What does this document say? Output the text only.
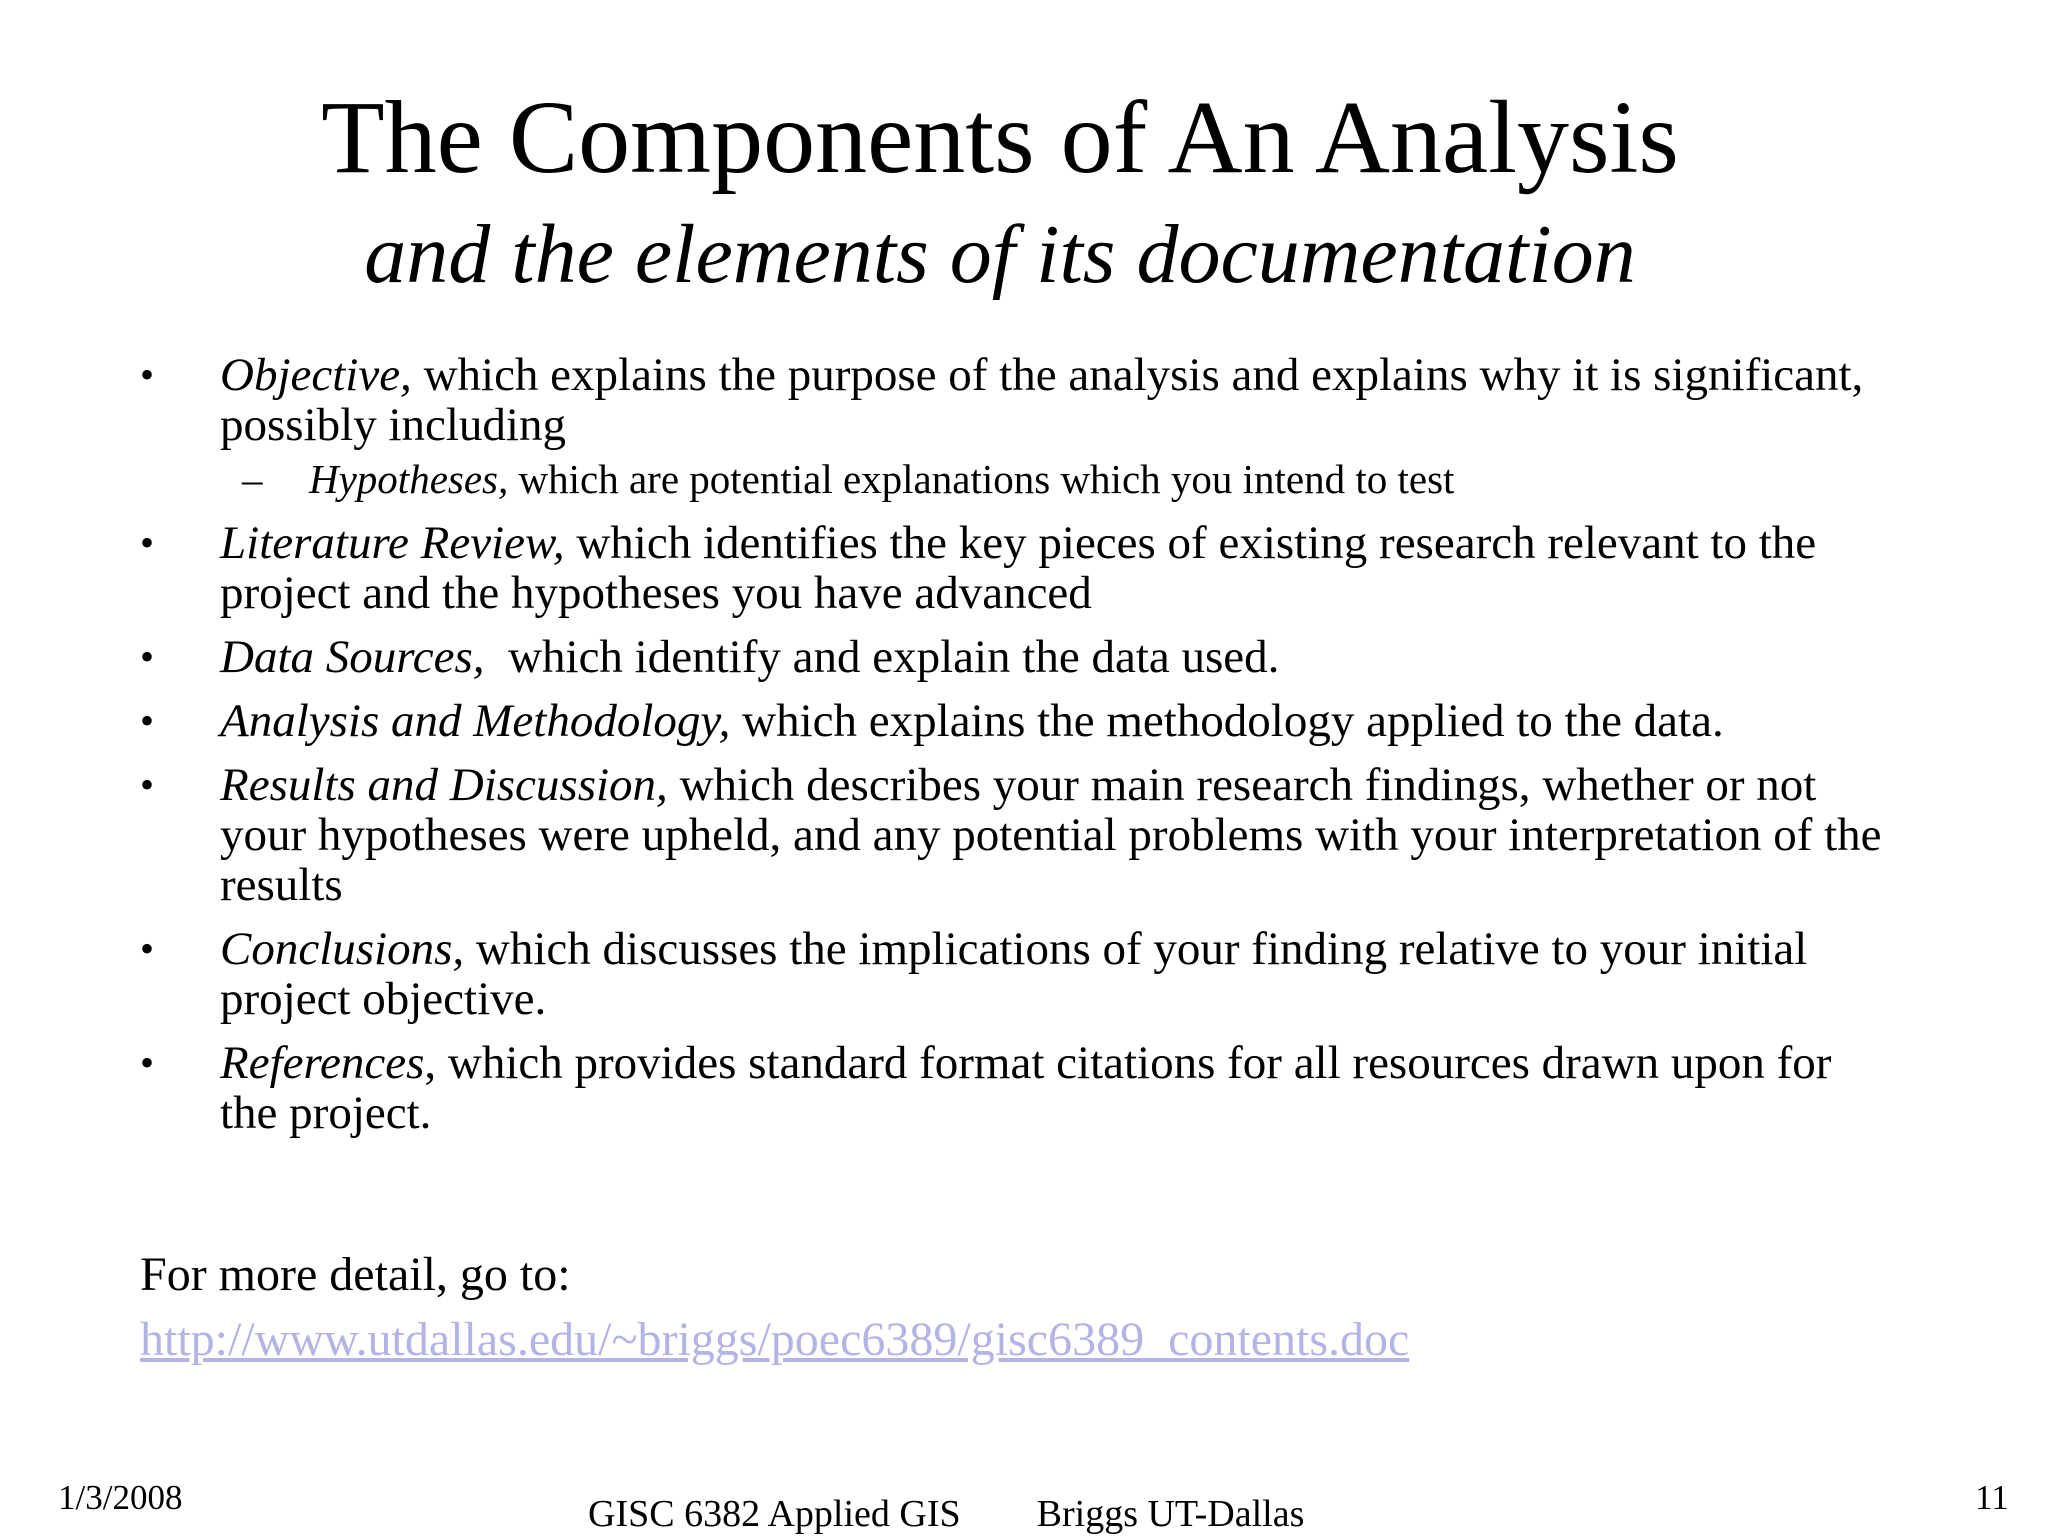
The Components of An Analysis
and the elements of its documentation
•	Objective, which explains the purpose of the analysis and explains why it is significant, possibly including
– Hypotheses, which are potential explanations which you intend to test
•	Literature Review, which identifies the key pieces of existing research relevant to the project and the hypotheses you have advanced
•	Data Sources,  which identify and explain the data used.
•	Analysis and Methodology, which explains the methodology applied to the data.
•	Results and Discussion, which describes your main research findings, whether or not your hypotheses were upheld, and any potential problems with your interpretation of the results
•	Conclusions, which discusses the implications of your finding relative to your initial  project objective.
•	References, which provides standard format citations for all resources drawn upon for the project.
For more detail, go to:
http://www.utdallas.edu/~briggs/poec6389/gisc6389_contents.doc
1/3/2008	GISC 6382 Applied GIS Briggs UT-Dallas	11
